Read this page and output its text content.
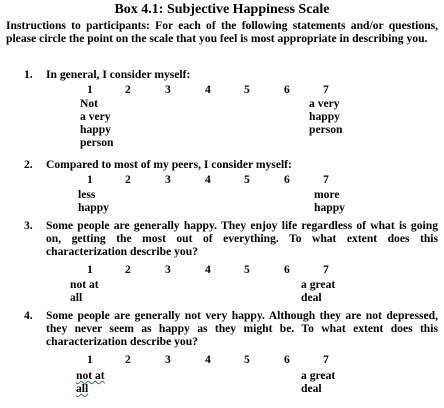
Box 4.1: Subjective Happiness Scale
Instructions to participants: For each of the following statements and/or questions, please circle the point on the scale that you feel is most appropriate in describing you.
1. In general, I consider myself:
1	2	3	4	5	6	7
Not
a very
happy
person
a very
happy
person
2. Compared to most of my peers, I consider myself:
1	2	3	4	5	6	7
less
happy
more
happy
3. Some people are generally happy. They enjoy life regardless of what is going on, getting the most out of everything. To what extent does this characterization describe you?
1	2	3	4	5	6	7
not at
all
a great
deal
4. Some people are generally not very happy. Although they are not depressed, they never seem as happy as they might be. To what extent does this characterization describe you?
1	2	3	4	5	6	7
not at
all
a great
deal
